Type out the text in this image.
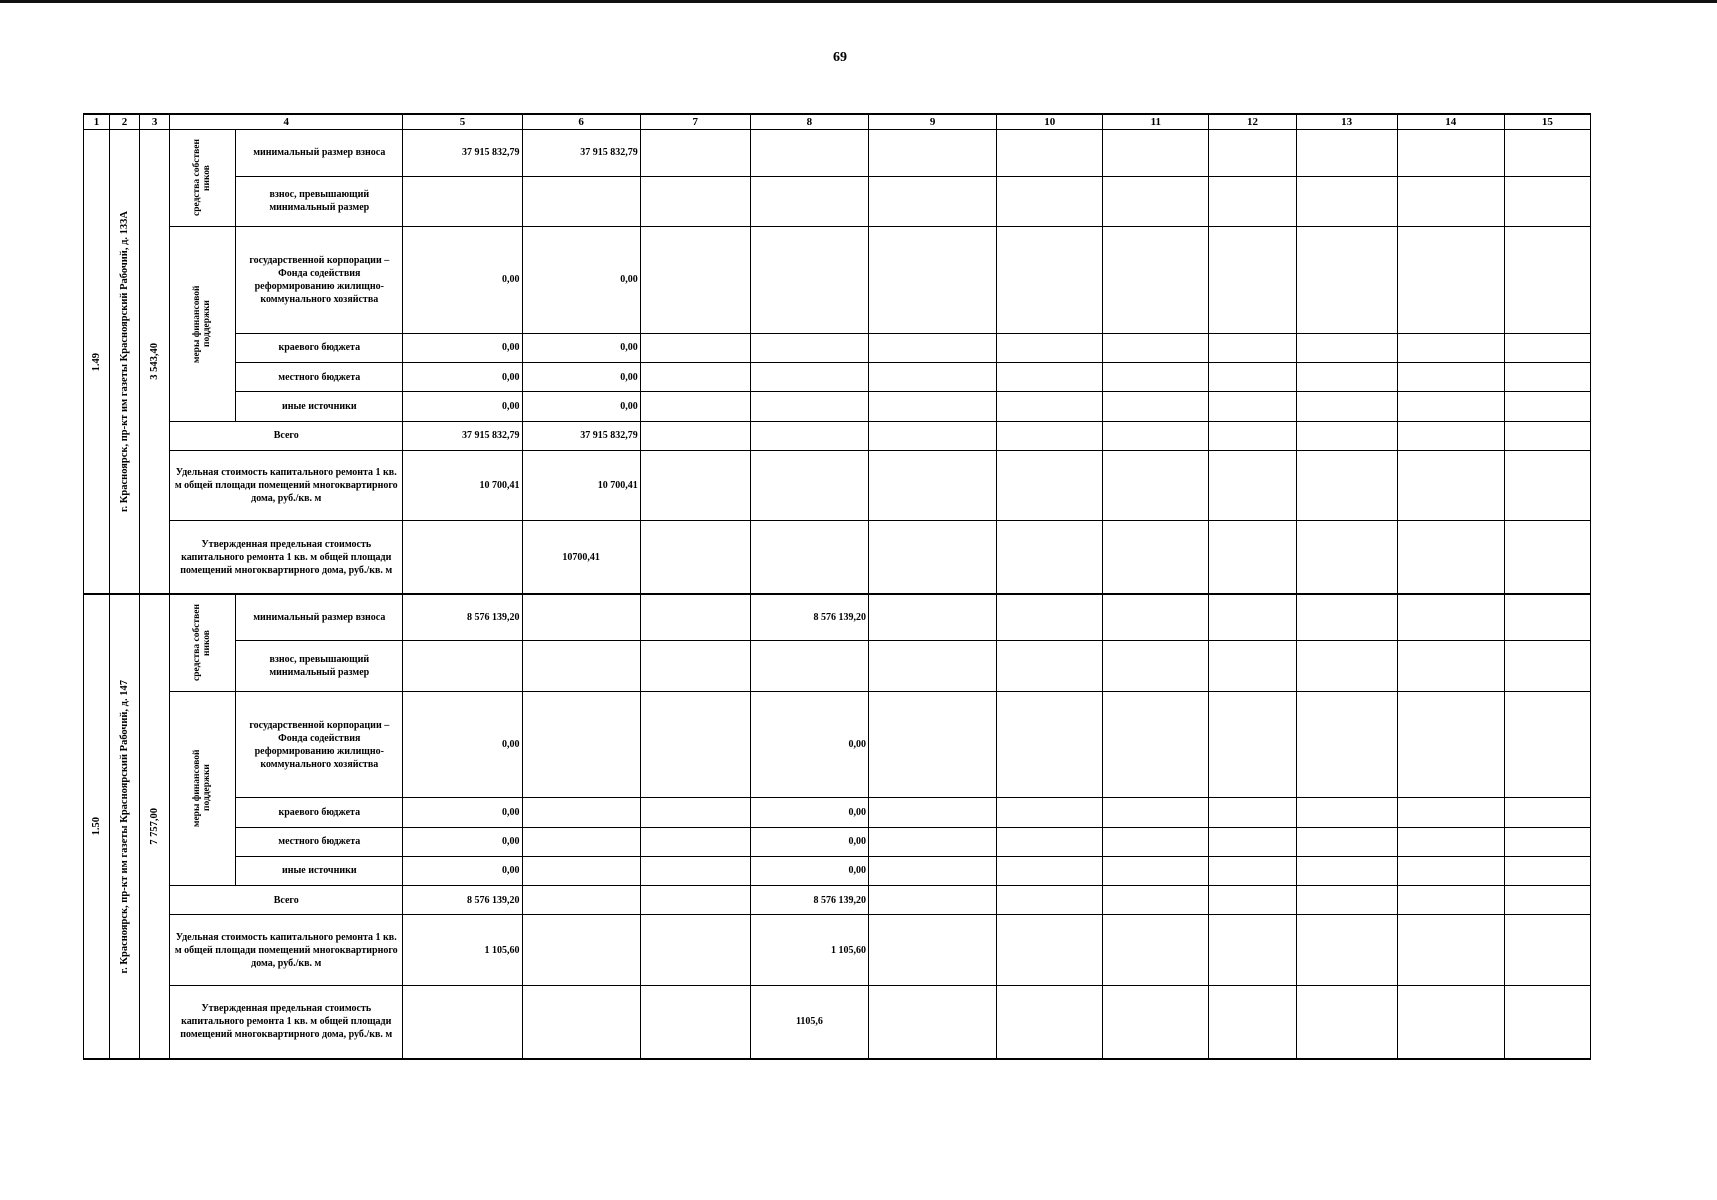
69
1	2	3	4		5	6	7	8	9	10	11	12	13	14	15

1.49	г. Красноярск, пр-кт им газеты Красноярский Рабочий, д. 133А	3 543,40	средства собствен ников	минимальный размер взноса	37 915 832,79	37 915 832,79									
				взнос, превышающий минимальный размер											

			меры финансовой поддержки	государственной корпорации – Фонда содействия реформированию жилищно-коммунального хозяйства	0,00	0,00									
				краевого бюджета	0,00	0,00									
				местного бюджета	0,00	0,00									
				иные источники	0,00	0,00									
			Всего		37 915 832,79	37 915 832,79									
			Удельная стоимость капитального ремонта 1 кв. м общей площади помещений многоквартирного дома, руб./кв. м		10 700,41	10 700,41									
			Утвержденная предельная стоимость капитального ремонта 1 кв. м общей площади помещений многоквартирного дома, руб./кв. м			10700,41									

1.50	г. Красноярск, пр-кт им газеты Красноярский Рабочий, д. 147	7 757,00	средства собствен ников	минимальный размер взноса	8 576 139,20			8 576 139,20							
				взнос, превышающий минимальный размер											

			меры финансовой поддержки	государственной корпорации – Фонда содействия реформированию жилищно-коммунального хозяйства	0,00			0,00							
				краевого бюджета	0,00			0,00							
				местного бюджета	0,00			0,00							
				иные источники	0,00			0,00							
			Всего		8 576 139,20			8 576 139,20							
			Удельная стоимость капитального ремонта 1 кв. м общей площади помещений многоквартирного дома, руб./кв. м		1 105,60			1 105,60							
			Утвержденная предельная стоимость капитального ремонта 1 кв. м общей площади помещений многоквартирного дома, руб./кв. м					1105,6							
